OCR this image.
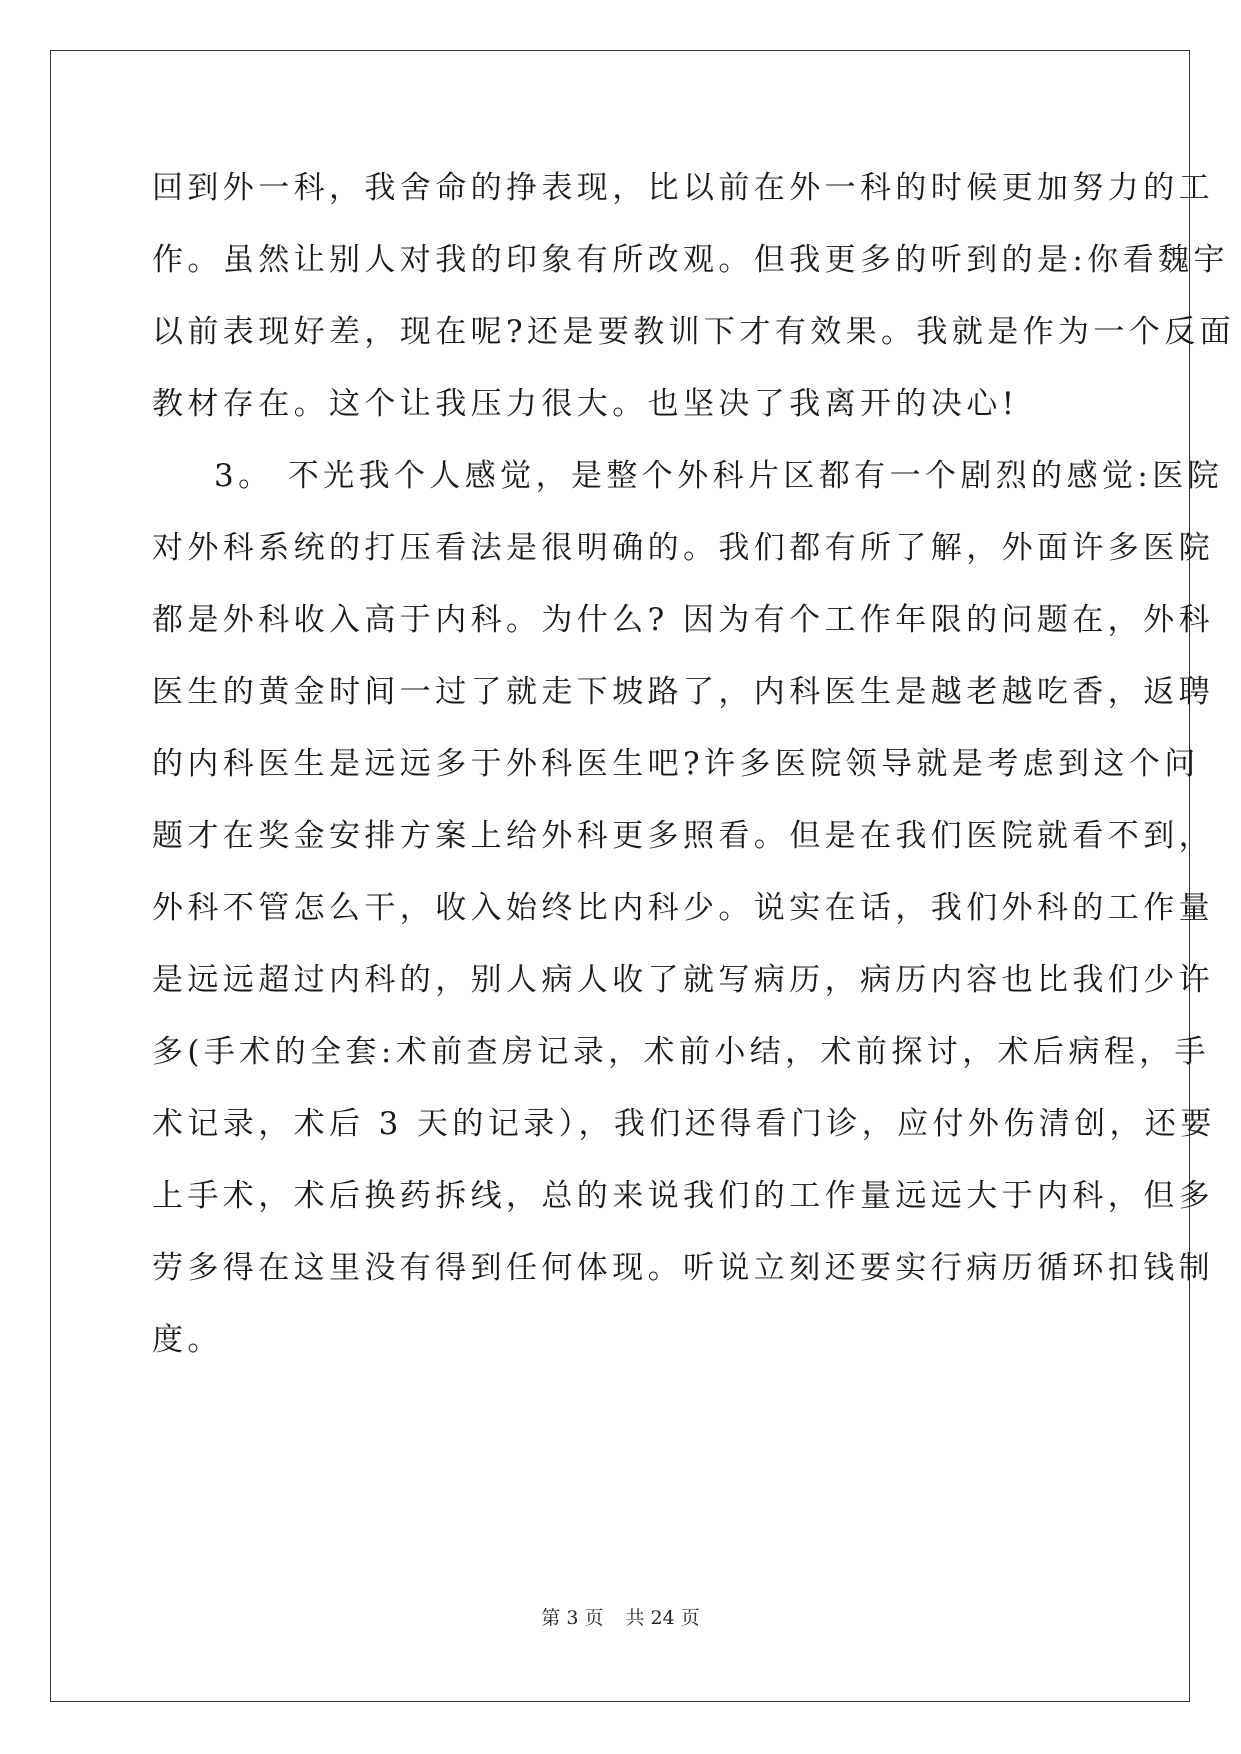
回到外一科，我舍命的挣表现，比以前在外一科的时候更加努力的工
作。虽然让别人对我的印象有所改观。但我更多的听到的是:你看魏宇
以前表现好差，现在呢?还是要教训下才有效果。我就是作为一个反面
教材存在。这个让我压力很大。也坚决了我离开的决心!
3。 不光我个人感觉，是整个外科片区都有一个剧烈的感觉:医院
对外科系统的打压看法是很明确的。我们都有所了解，外面许多医院
都是外科收入高于内科。为什么? 因为有个工作年限的问题在，外科
医生的黄金时间一过了就走下坡路了，内科医生是越老越吃香，返聘
的内科医生是远远多于外科医生吧?许多医院领导就是考虑到这个问
题才在奖金安排方案上给外科更多照看。但是在我们医院就看不到，
外科不管怎么干，收入始终比内科少。说实在话，我们外科的工作量
是远远超过内科的，别人病人收了就写病历，病历内容也比我们少许
多(手术的全套:术前查房记录，术前小结，术前探讨，术后病程，手
术记录，术后 3 天的记录），我们还得看门诊，应付外伤清创，还要
上手术，术后换药拆线，总的来说我们的工作量远远大于内科，但多
劳多得在这里没有得到任何体现。听说立刻还要实行病历循环扣钱制
度。
第 3 页 共 24 页
